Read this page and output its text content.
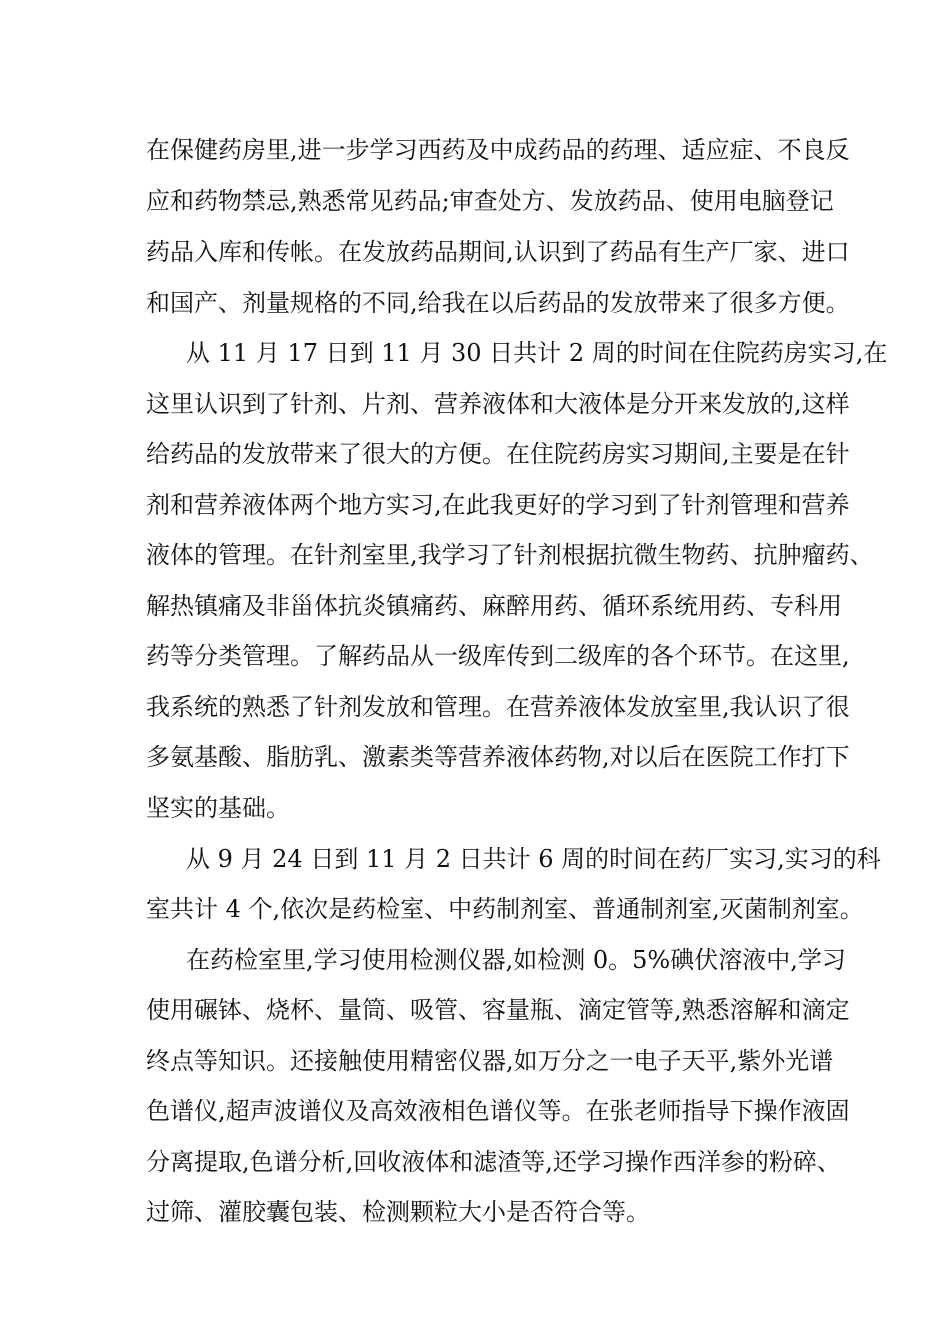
在保健药房里,进一步学习西药及中成药品的药理、适应症、不良反
应和药物禁忌,熟悉常见药品;审查处方、发放药品、使用电脑登记
药品入库和传帐。在发放药品期间,认识到了药品有生产厂家、进口
和国产、剂量规格的不同,给我在以后药品的发放带来了很多方便。
从 11 月 17 日到 11 月 30 日共计 2 周的时间在住院药房实习,在
这里认识到了针剂、片剂、营养液体和大液体是分开来发放的,这样
给药品的发放带来了很大的方便。在住院药房实习期间,主要是在针
剂和营养液体两个地方实习,在此我更好的学习到了针剂管理和营养
液体的管理。在针剂室里,我学习了针剂根据抗微生物药、抗肿瘤药、
解热镇痛及非甾体抗炎镇痛药、麻醉用药、循环系统用药、专科用
药等分类管理。了解药品从一级库传到二级库的各个环节。在这里,
我系统的熟悉了针剂发放和管理。在营养液体发放室里,我认识了很
多氨基酸、脂肪乳、激素类等营养液体药物,对以后在医院工作打下
坚实的基础。
从 9 月 24 日到 11 月 2 日共计 6 周的时间在药厂实习,实习的科
室共计 4 个,依次是药检室、中药制剂室、普通制剂室,灭菌制剂室。
在药检室里,学习使用检测仪器,如检测 0。5%碘伏溶液中,学习
使用碾钵、烧杯、量筒、吸管、容量瓶、滴定管等,熟悉溶解和滴定
终点等知识。还接触使用精密仪器,如万分之一电子天平,紫外光谱
色谱仪,超声波谱仪及高效液相色谱仪等。在张老师指导下操作液固
分离提取,色谱分析,回收液体和滤渣等,还学习操作西洋参的粉碎、
过筛、灌胶囊包装、检测颗粒大小是否符合等。
